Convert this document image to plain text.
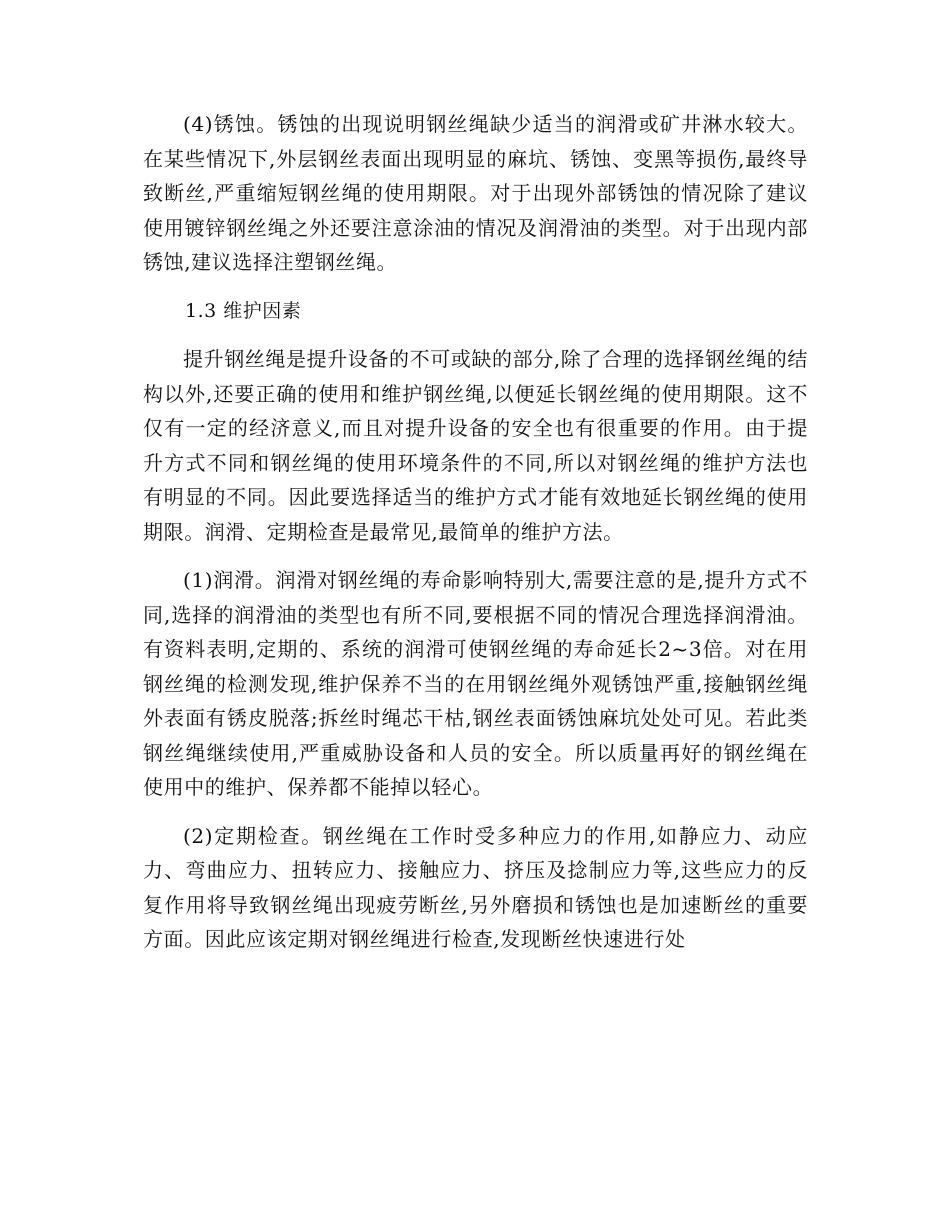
(4)锈蚀。锈蚀的出现说明钢丝绳缺少适当的润滑或矿井淋水较大。在某些情况下,外层钢丝表面出现明显的麻坑、锈蚀、变黑等损伤,最终导致断丝,严重缩短钢丝绳的使用期限。对于出现外部锈蚀的情况除了建议使用镀锌钢丝绳之外还要注意涂油的情况及润滑油的类型。对于出现内部锈蚀,建议选择注塑钢丝绳。

1.3 维护因素

提升钢丝绳是提升设备的不可或缺的部分,除了合理的选择钢丝绳的结构以外,还要正确的使用和维护钢丝绳,以便延长钢丝绳的使用期限。这不仅有一定的经济意义,而且对提升设备的安全也有很重要的作用。由于提升方式不同和钢丝绳的使用环境条件的不同,所以对钢丝绳的维护方法也有明显的不同。因此要选择适当的维护方式才能有效地延长钢丝绳的使用期限。润滑、定期检查是最常见,最简单的维护方法。

(1)润滑。润滑对钢丝绳的寿命影响特别大,需要注意的是,提升方式不同,选择的润滑油的类型也有所不同,要根据不同的情况合理选择润滑油。有资料表明,定期的、系统的润滑可使钢丝绳的寿命延长2~3倍。对在用钢丝绳的检测发现,维护保养不当的在用钢丝绳外观锈蚀严重,接触钢丝绳外表面有锈皮脱落;拆丝时绳芯干枯,钢丝表面锈蚀麻坑处处可见。若此类钢丝绳继续使用,严重威胁设备和人员的安全。所以质量再好的钢丝绳在使用中的维护、保养都不能掉以轻心。

(2)定期检查。钢丝绳在工作时受多种应力的作用,如静应力、动应力、弯曲应力、扭转应力、接触应力、挤压及捻制应力等,这些应力的反复作用将导致钢丝绳出现疲劳断丝,另外磨损和锈蚀也是加速断丝的重要方面。因此应该定期对钢丝绳进行检查,发现断丝快速进行处
